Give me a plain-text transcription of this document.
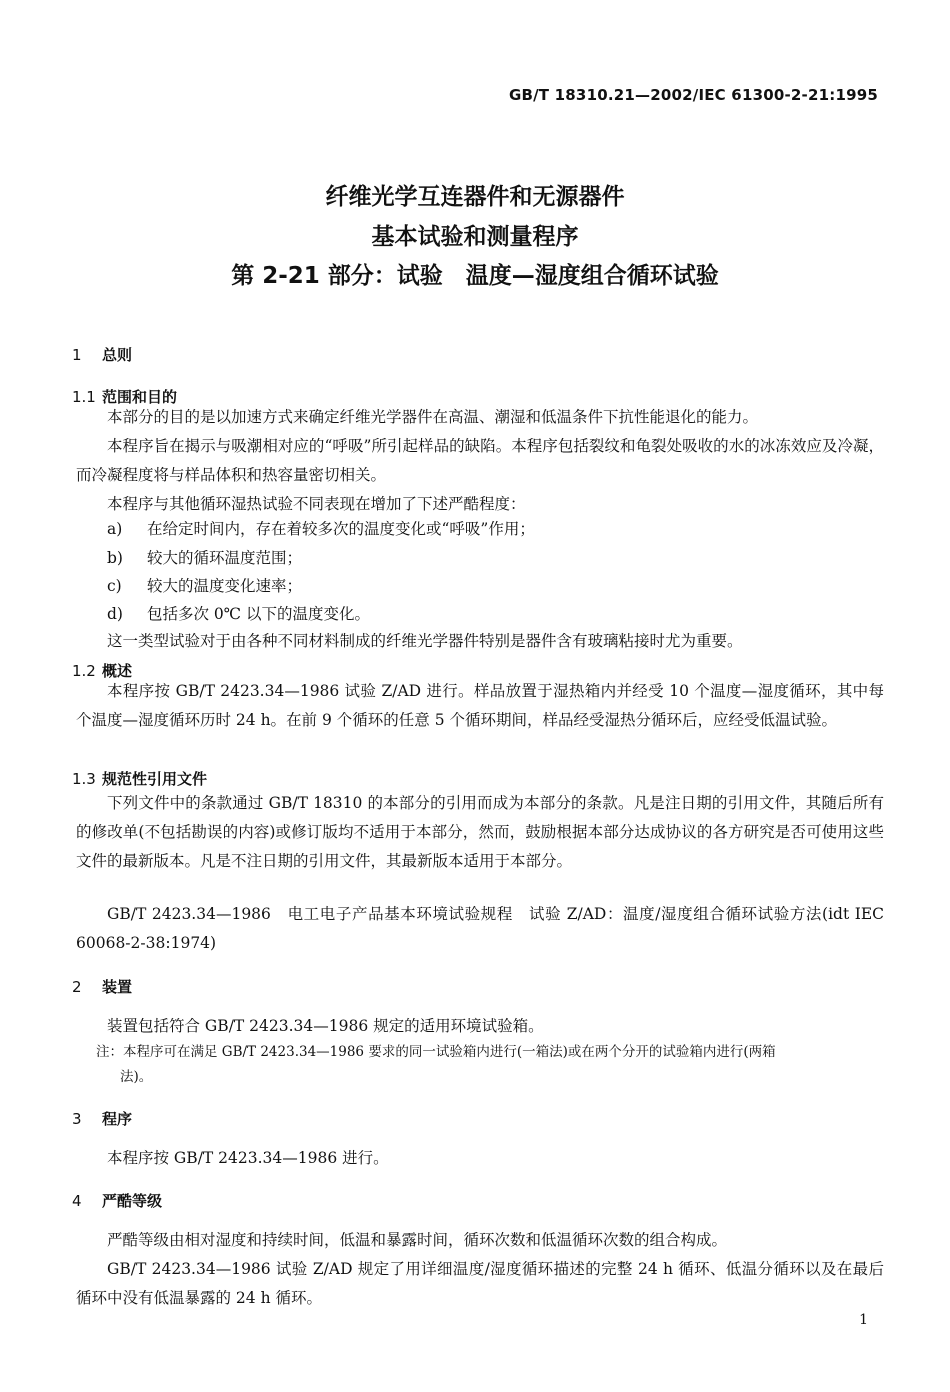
GB/T 18310.21—2002/IEC 61300-2-21:1995
纤维光学互连器件和无源器件
基本试验和测量程序
第 2-21 部分：试验　温度—湿度组合循环试验
1 总则
1.1 范围和目的
本部分的目的是以加速方式来确定纤维光学器件在高温、潮湿和低温条件下抗性能退化的能力。
本程序旨在揭示与吸潮相对应的“呼吸”所引起样品的缺陷。本程序包括裂纹和龟裂处吸收的水的冰冻效应及冷凝，而冷凝程度将与样品体积和热容量密切相关。
本程序与其他循环湿热试验不同表现在增加了下述严酷程度：
a) 在给定时间内，存在着较多次的温度变化或“呼吸”作用；
b) 较大的循环温度范围；
c) 较大的温度变化速率；
d) 包括多次 0℃ 以下的温度变化。
这一类型试验对于由各种不同材料制成的纤维光学器件特别是器件含有玻璃粘接时尤为重要。
1.2 概述
本程序按 GB/T 2423.34—1986 试验 Z/AD 进行。样品放置于湿热箱内并经受 10 个温度—湿度循环，其中每个温度—湿度循环历时 24 h。在前 9 个循环的任意 5 个循环期间，样品经受湿热分循环后，应经受低温试验。
1.3 规范性引用文件
下列文件中的条款通过 GB/T 18310 的本部分的引用而成为本部分的条款。凡是注日期的引用文件，其随后所有的修改单(不包括勘误的内容)或修订版均不适用于本部分，然而，鼓励根据本部分达成协议的各方研究是否可使用这些文件的最新版本。凡是不注日期的引用文件，其最新版本适用于本部分。
GB/T 2423.34—1986　电工电子产品基本环境试验规程　试验 Z/AD：温度/湿度组合循环试验方法(idt IEC 60068-2-38:1974)
2 装置
装置包括符合 GB/T 2423.34—1986 规定的适用环境试验箱。
注：本程序可在满足 GB/T 2423.34—1986 要求的同一试验箱内进行(一箱法)或在两个分开的试验箱内进行(两箱
法)。
3 程序
本程序按 GB/T 2423.34—1986 进行。
4 严酷等级
严酷等级由相对湿度和持续时间，低温和暴露时间，循环次数和低温循环次数的组合构成。
GB/T 2423.34—1986 试验 Z/AD 规定了用详细温度/湿度循环描述的完整 24 h 循环、低温分循环以及在最后循环中没有低温暴露的 24 h 循环。
1
